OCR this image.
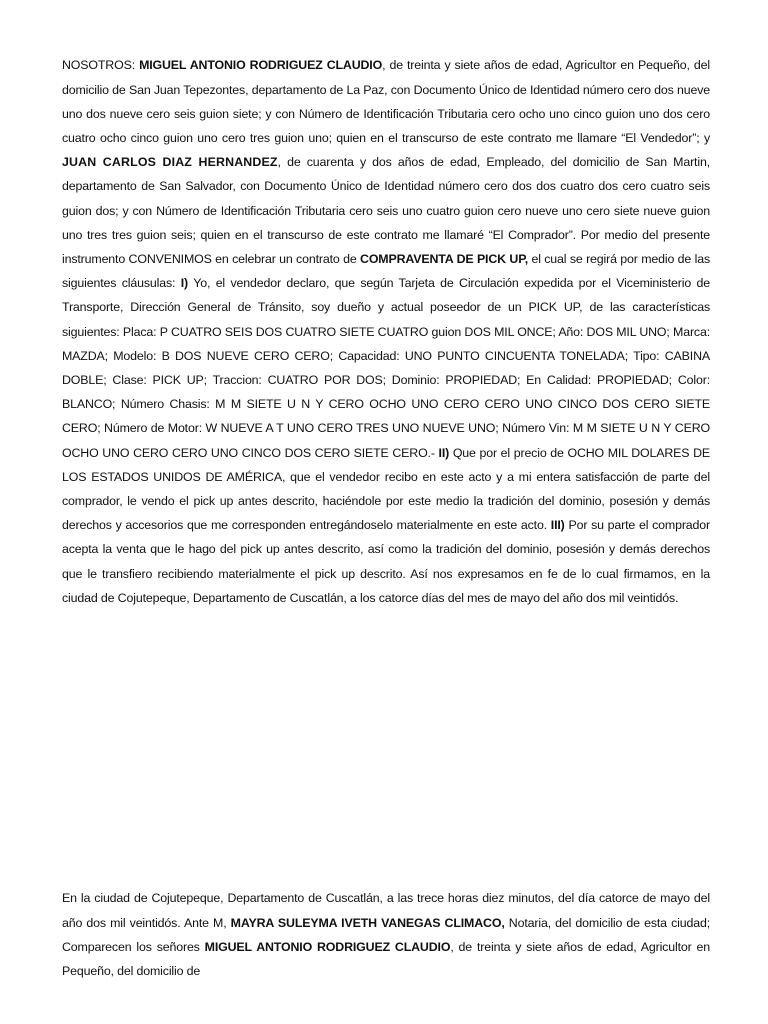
NOSOTROS: MIGUEL ANTONIO RODRIGUEZ CLAUDIO, de treinta y siete años de edad, Agricultor en Pequeño, del domicilio de San Juan Tepezontes, departamento de La Paz, con Documento Único de Identidad número cero dos nueve uno dos nueve cero seis guion siete; y con Número de Identificación Tributaria cero ocho uno cinco guion uno dos cero cuatro ocho cinco guion uno cero tres guion uno; quien en el transcurso de este contrato me llamare “El Vendedor”; y JUAN CARLOS DIAZ HERNANDEZ, de cuarenta y dos años de edad, Empleado, del domicilio de San Martin, departamento de San Salvador, con Documento Único de Identidad número cero dos dos cuatro dos cero cuatro seis guion dos; y con Número de Identificación Tributaria cero seis uno cuatro guion cero nueve uno cero siete nueve guion uno tres tres guion seis; quien en el transcurso de este contrato me llamaré “El Comprador”. Por medio del presente instrumento CONVENIMOS en celebrar un contrato de COMPRAVENTA DE PICK UP, el cual se regirá por medio de las siguientes cláusulas: I) Yo, el vendedor declaro, que según Tarjeta de Circulación expedida por el Viceministerio de Transporte, Dirección General de Tránsito, soy dueño y actual poseedor de un PICK UP, de las características siguientes: Placa: P CUATRO SEIS DOS CUATRO SIETE CUATRO guion DOS MIL ONCE; Año: DOS MIL UNO; Marca: MAZDA; Modelo: B DOS NUEVE CERO CERO; Capacidad: UNO PUNTO CINCUENTA TONELADA; Tipo: CABINA DOBLE; Clase: PICK UP; Traccion: CUATRO POR DOS; Dominio: PROPIEDAD; En Calidad: PROPIEDAD; Color: BLANCO; Número Chasis: M M SIETE U N Y CERO OCHO UNO CERO CERO UNO CINCO DOS CERO SIETE CERO; Número de Motor: W NUEVE A T UNO CERO TRES UNO NUEVE UNO; Número Vin: M M SIETE U N Y CERO OCHO UNO CERO CERO UNO CINCO DOS CERO SIETE CERO.- II) Que por el precio de OCHO MIL DOLARES DE LOS ESTADOS UNIDOS DE AMÉRICA, que el vendedor recibo en este acto y a mi entera satisfacción de parte del comprador, le vendo el pick up antes descrito, haciéndole por este medio la tradición del dominio, posesión y demás derechos y accesorios que me corresponden entregándoselo materialmente en este acto. III) Por su parte el comprador acepta la venta que le hago del pick up antes descrito, así como la tradición del dominio, posesión y demás derechos que le transfiero recibiendo materialmente el pick up descrito. Así nos expresamos en fe de lo cual firmamos, en la ciudad de Cojutepeque, Departamento de Cuscatlán, a los catorce días del mes de mayo del año dos mil veintidós.

En la ciudad de Cojutepeque, Departamento de Cuscatlán, a las trece horas diez minutos, del día catorce de mayo del año dos mil veintidós. Ante M, MAYRA SULEYMA IVETH VANEGAS CLIMACO, Notaria, del domicilio de esta ciudad; Comparecen los señores MIGUEL ANTONIO RODRIGUEZ CLAUDIO, de treinta y siete años de edad, Agricultor en Pequeño, del domicilio de
